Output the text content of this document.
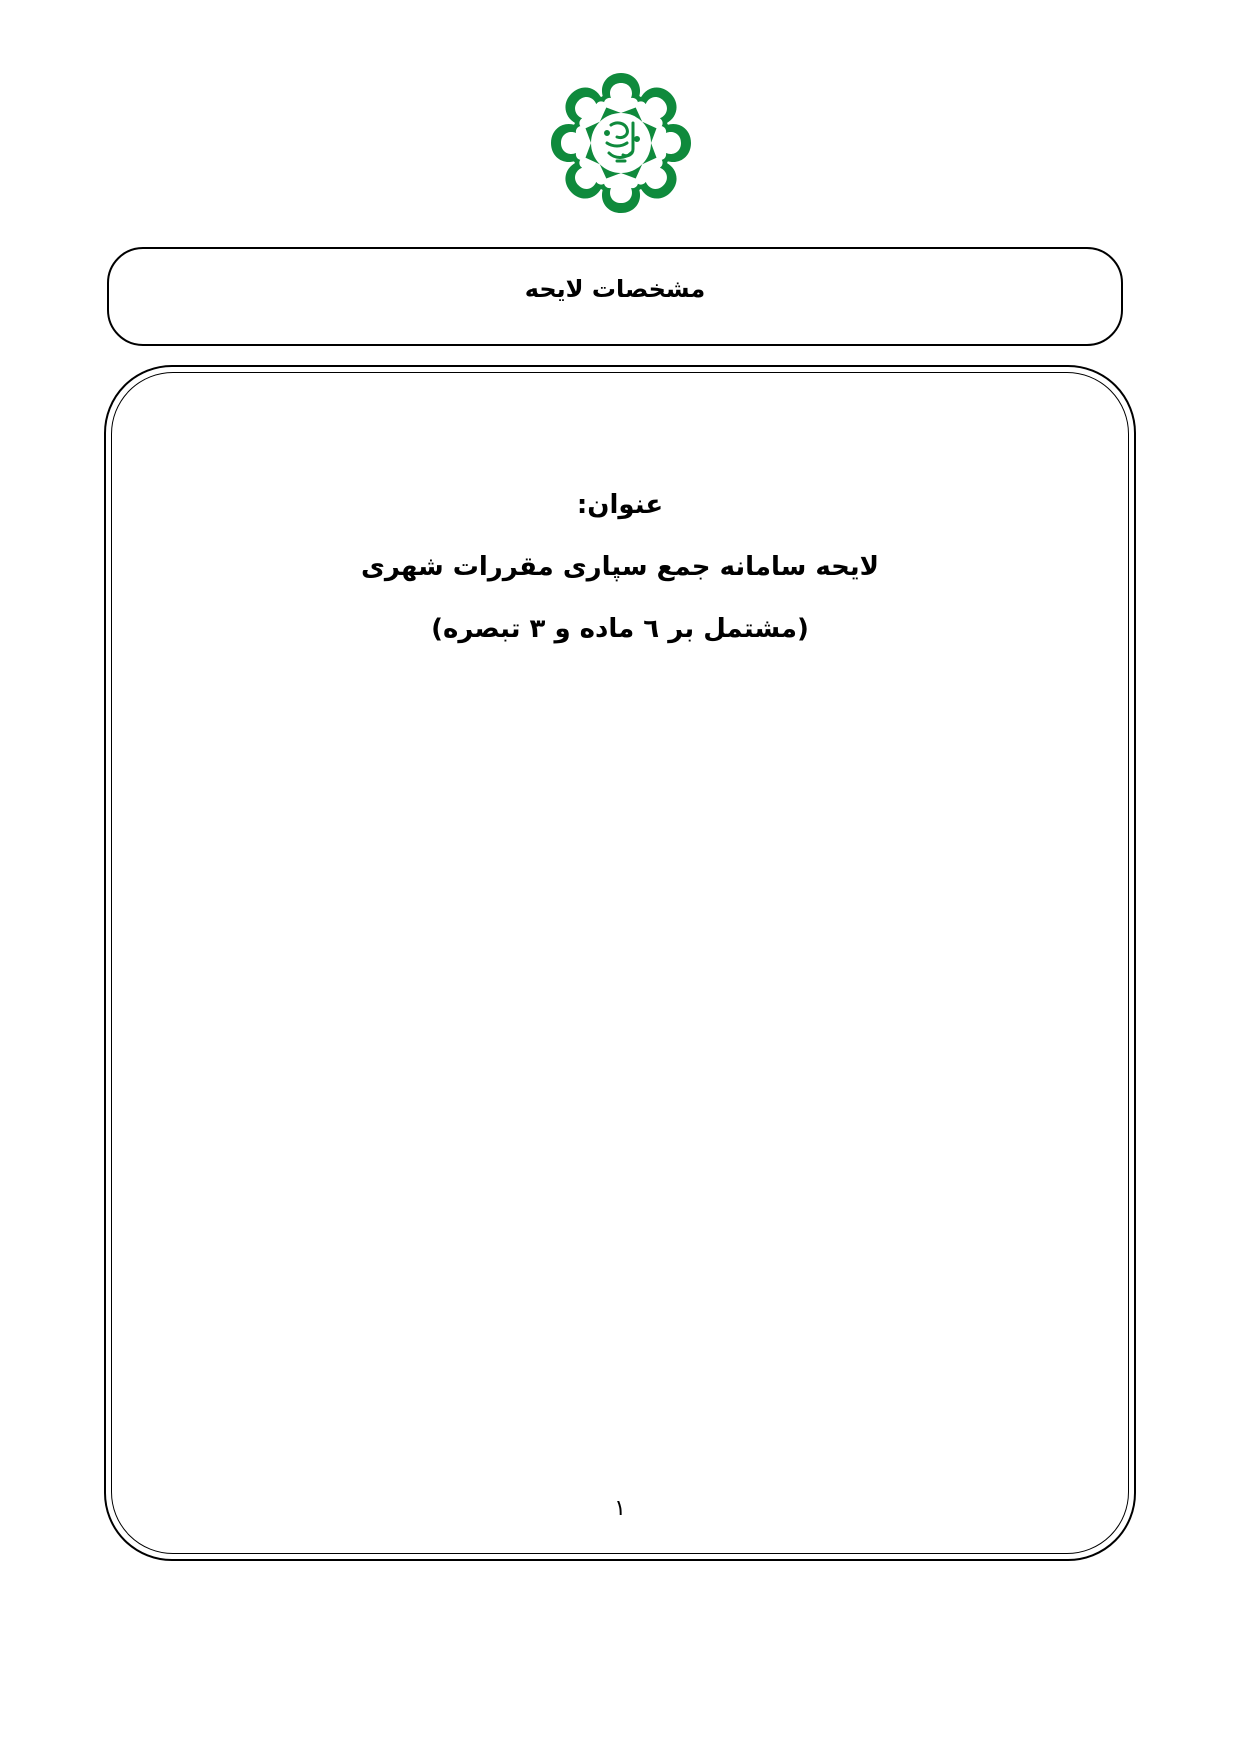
مشخصات لایحه
عنوان:
لایحه سامانه جمع سپاری مقررات شهری
(مشتمل بر ٦ ماده و ٣ تبصره)
١
